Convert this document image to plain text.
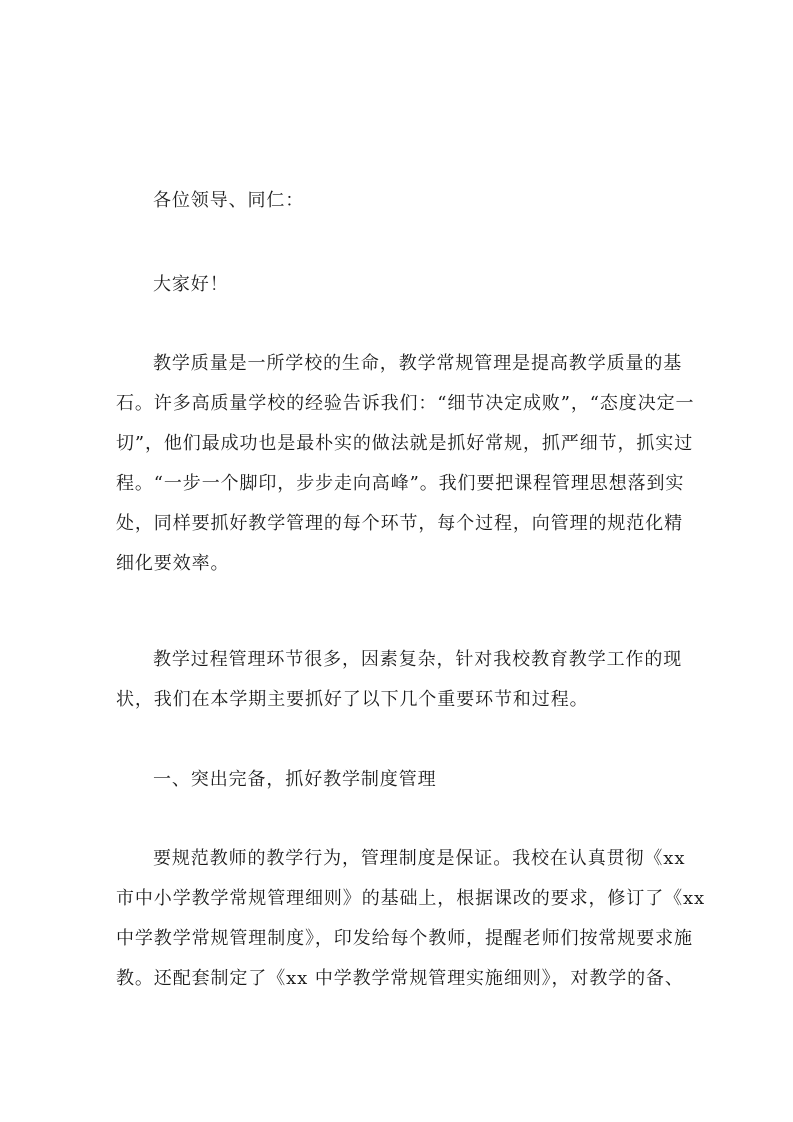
各位领导、同仁：
大家好！
教学质量是一所学校的生命，教学常规管理是提高教学质量的基
石。许多高质量学校的经验告诉我们：“细节决定成败”，“态度决定一
切”，他们最成功也是最朴实的做法就是抓好常规，抓严细节，抓实过
程。“一步一个脚印，步步走向高峰”。我们要把课程管理思想落到实
处，同样要抓好教学管理的每个环节，每个过程，向管理的规范化精
细化要效率。
教学过程管理环节很多，因素复杂，针对我校教育教学工作的现
状，我们在本学期主要抓好了以下几个重要环节和过程。
一、突出完备，抓好教学制度管理
要规范教师的教学行为，管理制度是保证。我校在认真贯彻《xx
市中小学教学常规管理细则》的基础上，根据课改的要求，修订了《xx
中学教学常规管理制度》，印发给每个教师，提醒老师们按常规要求施
教。还配套制定了《xx 中学教学常规管理实施细则》，对教学的备、
